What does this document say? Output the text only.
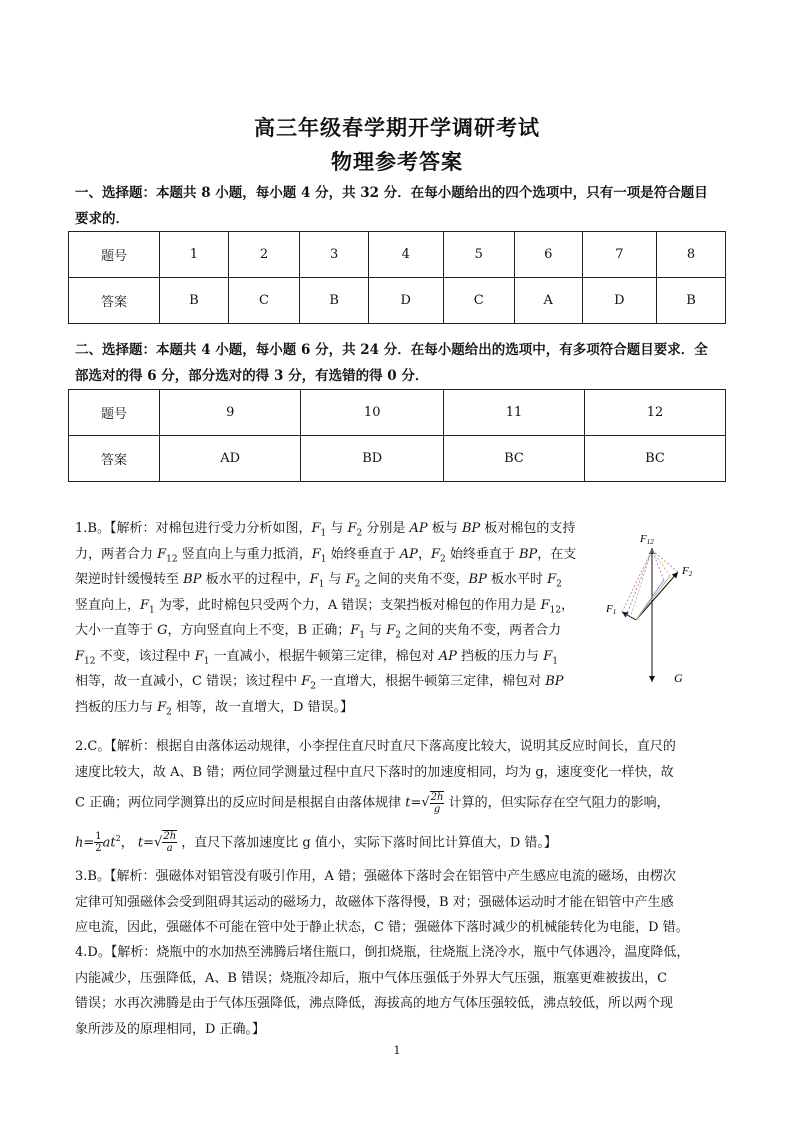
高三年级春学期开学调研考试
物理参考答案
一、选择题：本题共 8 小题，每小题 4 分，共 32 分．在每小题给出的四个选项中，只有一项是符合题目
要求的．
题号	1	2	3	4	5	6	7	8
答案	B	C	B	D	C	A	D	B
二、选择题：本题共 4 小题，每小题 6 分，共 24 分．在每小题给出的选项中，有多项符合题目要求．全
部选对的得 6 分，部分选对的得 3 分，有选错的得 0 分．
题号	9	10	11	12
答案	AD	BD	BC	BC
1.B。【解析：对棉包进行受力分析如图，$F_1$ 与 $F_2$ 分别是 AP 板与 BP 板对棉包的支持
力，两者合力 $F_{12}$ 竖直向上与重力抵消，$F_1$ 始终垂直于 AP，$F_2$ 始终垂直于 BP，在支
架逆时针缓慢转至 BP 板水平的过程中，$F_1$ 与 $F_2$ 之间的夹角不变，BP 板水平时 $F_2$
竖直向上，$F_1$ 为零，此时棉包只受两个力，A 错误；支架挡板对棉包的作用力是 $F_{12}$，
大小一直等于 G，方向竖直向上不变，B 正确；$F_1$ 与 $F_2$ 之间的夹角不变，两者合力
$F_{12}$ 不变，该过程中 $F_1$ 一直减小，根据牛顿第三定律，棉包对 AP 挡板的压力与 $F_1$
相等，故一直减小，C 错误；该过程中 $F_2$ 一直增大，根据牛顿第三定律，棉包对 BP
挡板的压力与 $F_2$ 相等，故一直增大，D 错误。】
F12
F2
F1
G
2.C。【解析：根据自由落体运动规律，小李捏住直尺时直尺下落高度比较大，说明其反应时间长，直尺的
速度比较大，故 A、B 错；两位同学测量过程中直尺下落时的加速度相同，均为 g，速度变化一样快，故
C 正确；两位同学测算出的反应时间是根据自由落体规律 $t=√ \frac{2h}{g}$ 计算的，但实际存在空气阻力的影响，
$h= \frac{1}{2} at^2$， $t=√ \frac{2h}{a}$ ，直尺下落加速度比 g 值小，实际下落时间比计算值大，D 错。】
3.B。【解析：强磁体对铝管没有吸引作用，A 错；强磁体下落时会在铝管中产生感应电流的磁场，由楞次
定律可知强磁体会受到阻碍其运动的磁场力，故磁体下落得慢，B 对；强磁体运动时才能在铝管中产生感
应电流，因此，强磁体不可能在管中处于静止状态，C 错；强磁体下落时减少的机械能转化为电能，D 错。
4.D。【解析：烧瓶中的水加热至沸腾后堵住瓶口，倒扣烧瓶，往烧瓶上浇冷水，瓶中气体遇冷，温度降低，
内能减少，压强降低，A、B 错误；烧瓶冷却后，瓶中气体压强低于外界大气压强，瓶塞更难被拔出，C
错误；水再次沸腾是由于气体压强降低，沸点降低，海拔高的地方气体压强较低，沸点较低，所以两个现
象所涉及的原理相同，D 正确。】
1
